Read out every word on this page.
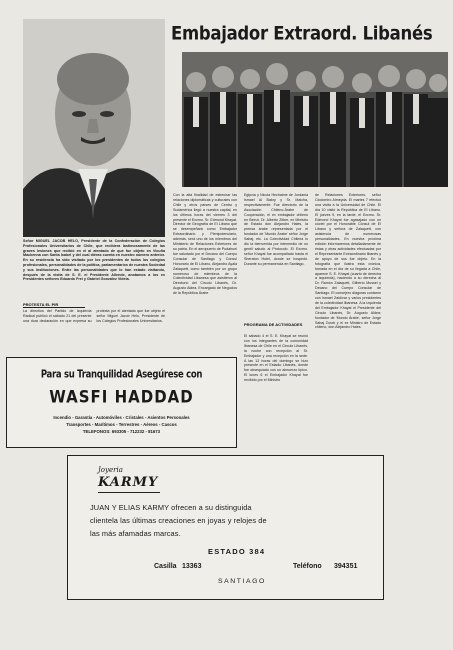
Embajador Extraord. Libanés
Señor MIGUEL JACOB HELO, Presidente de la Confederación de Colegios Profesionales Universitarios de Chile, que recibiera lastimosamente de las graves lesiones que recibió en el al atentado de que fue objeto en Vicuña Mackenna con Santa Isabel y del cual diéras cuenta en nuestro número anterior. En su residencia ha sido visitado por los presidentes de todos los colegios profesionales, personalidades de la política, parlamentarios de nuestra Sociedad y sus instituciones. Entre las personalidades que lo han estado visitando, después de la visita de S. E. el Presidente Allende, anotamos a los ex Presidentes señores Eduardo Frei y Gabriel González Videla.
PROTESTA EL PIR

La directiva del Partido de Izquierda Radical publicó el sábado 21 del presente una dura declaración en que expresa su protesta por el atentado que fue objeto el señor Miguel Jacob Helo, Presidente de los Colegios Profesionales Universitarios.

Con la alta finalidad de estrechar las relaciones diplomáticas y culturales con Chile y otros países de Centro y Sudamérica llegó a nuestra capital, en los últimos horas del viernes 3 del presente el Excmo. Sr. Edmond Khayat, Director de Geografía de El Líbano que se desempeñará como Embajador Extraordinario y Plenipotenciario, además, será uno de los miembros del Ministerio de Relaciones Exteriores de su patria. En el aeropuerto de Pudahuel fue saludado por el Decano del Cuerpo Consular de Santiago y Cónsul Honorario de El Líbano, Alejandro Ayala Zalaquett, como también por un grupo numeroso de miembros de la Colectividad Libanesa que asistieron al Directorio del Circulo Libanés, Dr. Augusto Aldea, Encargado de Negocios de la República Árabe
Egipcia y Nicola Hechaime de Jordania Ismael Al Bakry y Sr. Maicha, respectivamente. Fue directorio de la Asociación Chileno-Árabe de Cooperación, el ex embajador chileno en Beirut, Dr. Alberto Zilber, ex Ministro de Estado don Alejandro Hales, la prensa árabe representada por el fundador de 'Mundo Árabe' señor Jorge Sabaj, etc. La Colectividad Chilena lo dio la bienvenida por intermedio de un gentil saludo al Protocolo. El Excmo. señor Khayat fue acompañado hasta el Sheraton Hotel, donde se hospedó. Durante su permanencia en Santiago.
PROGRAMA DE ACTIVIDADES
El sábado 4 el S. E. Khayat se reunió con los integrantes de la comunidad libanesa de Chile en el Circulo Libanés, la noche con recepción al Sr. Embajador y una recepción en la sede. A las 13 horas del domingo se hizo presente en el Estadio Libanés, donde fue obsequiado con un almuerzo típico. El lunes 6 el Embajador Khayat fue recibido por el Ministro
de Relaciones Exteriores, señor Clodomiro Almeyda. El martes 7 efectuó una visita a la Universidad de Chile. El día 10 visitó la República de El Líbano. El jueves 9, en la tarde, el Excmo. Sr. Edmond Khayat fue agasajado con un cóctel por el Honorable Cónsul de El Líbano y señora de Zalaquett, con asistencia de numerosas personalidades. En nuestra próxima edición informaremos detalladamente de éstas y otras actividades efectuadas por el Representante Extraordinario libanés y de apoyo de sus fue objeto. En la fotografía que ilustra esta crónica, tomada en el día de su llegada a Chile, aparece S. E. Khayat (cuarto de derecha a izquierda), haciendo a su derecha al Dr. Ramón Zalaquett, Gilberto Mussel y Decano del Cuerpo Consular de Santiago. El consejero diágoras contaron con Ismael Zaldívar y varios presidentes de la colectividad libanesa. A la izquierda del Embajador Khayat el Presidente del Circulo Libanés, Dr. Augusto Aldea; fundador de 'Mundo Árabe', señor Jorge Sabaj Zurob y el ex Ministro de Estado chileno, don Alejandro Hales.
Para su Tranquilidad Asegúrese con
WASFI HADDAD
Incendio - Garantía - Automóviles - Cristales - Asientos Personales
Transportes - Marítimos - Terrestres - Aéreos - Cascos
TELEFONOS: 693305 - 712232 - 81673
Joyeria
KARMY
JUAN Y ELIAS KARMY ofrecen a su distinguida
clientela las últimas creaciones en joyas y relojes de
las más afamadas marcas.
ESTADO 384
Casilla 13363	Teléfono 394351
SANTIAGO
